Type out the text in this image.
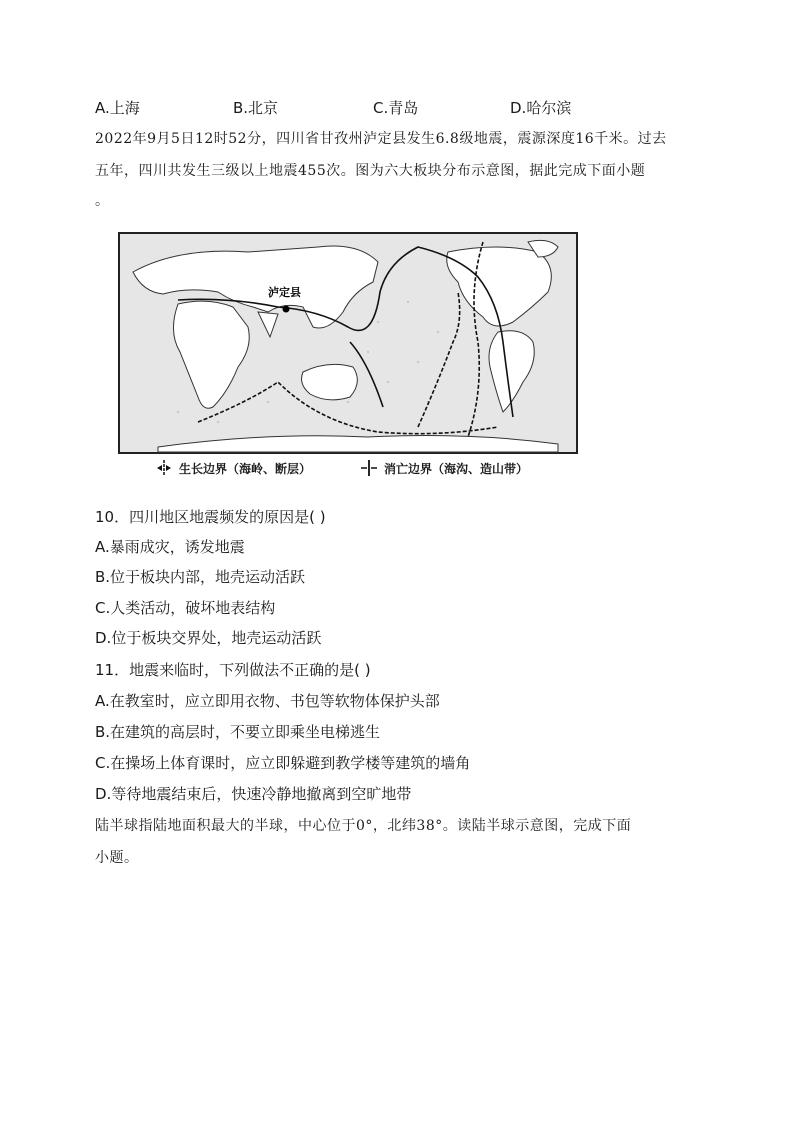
A.上海	B.北京	C.青岛	D.哈尔滨
2022年9月5日12时52分，四川省甘孜州泸定县发生6.8级地震，震源深度16千米。过去
五年，四川共发生三级以上地震455次。图为六大板块分布示意图，据此完成下面小题
。
泸定县
生长边界（海岭、断层）	消亡边界（海沟、造山带）
10．四川地区地震频发的原因是( )
A.暴雨成灾，诱发地震
B.位于板块内部，地壳运动活跃
C.人类活动，破坏地表结构
D.位于板块交界处，地壳运动活跃
11．地震来临时，下列做法不正确的是( )
A.在教室时，应立即用衣物、书包等软物体保护头部
B.在建筑的高层时，不要立即乘坐电梯逃生
C.在操场上体育课时，应立即躲避到教学楼等建筑的墙角
D.等待地震结束后，快速冷静地撤离到空旷地带
陆半球指陆地面积最大的半球，中心位于0°，北纬38°。读陆半球示意图，完成下面
小题。
